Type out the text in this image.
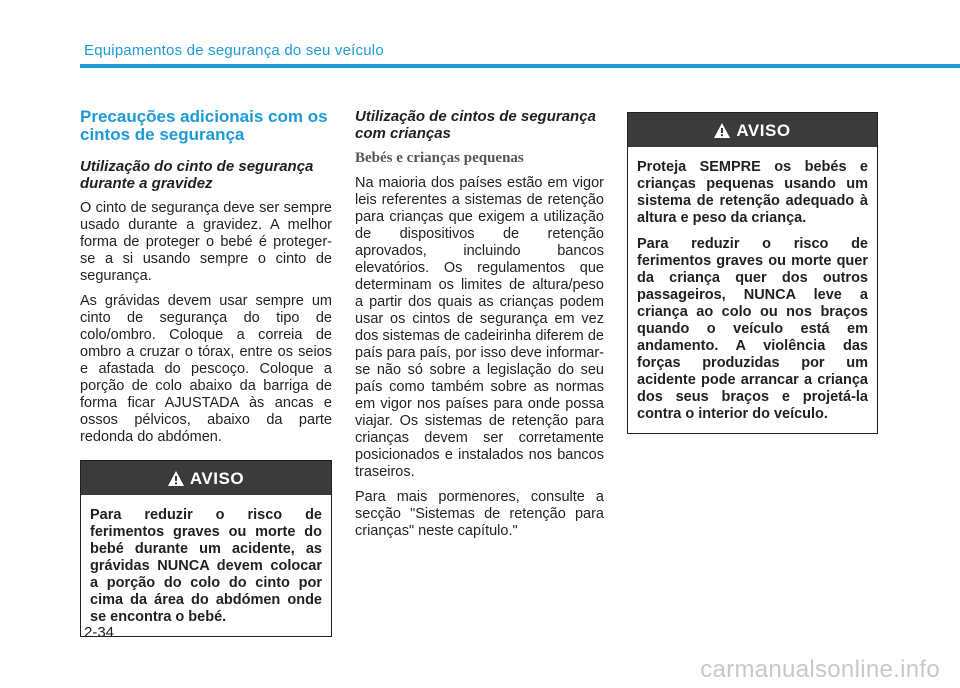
Equipamentos de segurança do seu veículo
Precauções adicionais com os cintos de segurança
Utilização do cinto de segurança durante a gravidez

O cinto de segurança deve ser sempre usado durante a gravidez. A melhor forma de proteger o bebé é proteger-se a si usando sempre o cinto de segurança.

As grávidas devem usar sempre um cinto de segurança do tipo de colo/ombro. Coloque a correia de ombro a cruzar o tórax, entre os seios e afastada do pescoço. Coloque a porção de colo abaixo da barriga de forma ficar AJUSTADA às ancas e ossos pélvicos, abaixo da parte redonda do abdómen.

AVISO
Para reduzir o risco de ferimentos graves ou morte do bebé durante um acidente, as grávidas NUNCA devem colocar a porção do colo do cinto por cima da área do abdómen onde se encontra o bebé.
Utilização de cintos de segurança com crianças
Bebés e crianças pequenas

Na maioria dos países estão em vigor leis referentes a sistemas de retenção para crianças que exigem a utilização de dispositivos de retenção aprovados, incluindo bancos elevatórios. Os regulamentos que determinam os limites de altura/peso a partir dos quais as crianças podem usar os cintos de segurança em vez dos sistemas de cadeirinha diferem de país para país, por isso deve informar-se não só sobre a legislação do seu país como também sobre as normas em vigor nos países para onde possa viajar. Os sistemas de retenção para crianças devem ser corretamente posicionados e instalados nos bancos traseiros.

Para mais pormenores, consulte a secção "Sistemas de retenção para crianças" neste capítulo."

AVISO

Proteja SEMPRE os bebés e crianças pequenas usando um sistema de retenção adequado à altura e peso da criança.

Para reduzir o risco de ferimentos graves ou morte quer da criança quer dos outros passageiros, NUNCA leve a criança ao colo ou nos braços quando o veículo está em andamento. A violência das forças produzidas por um acidente pode arrancar a criança dos seus braços e projetá-la contra o interior do veículo.

2-34
carmanualsonline.info
